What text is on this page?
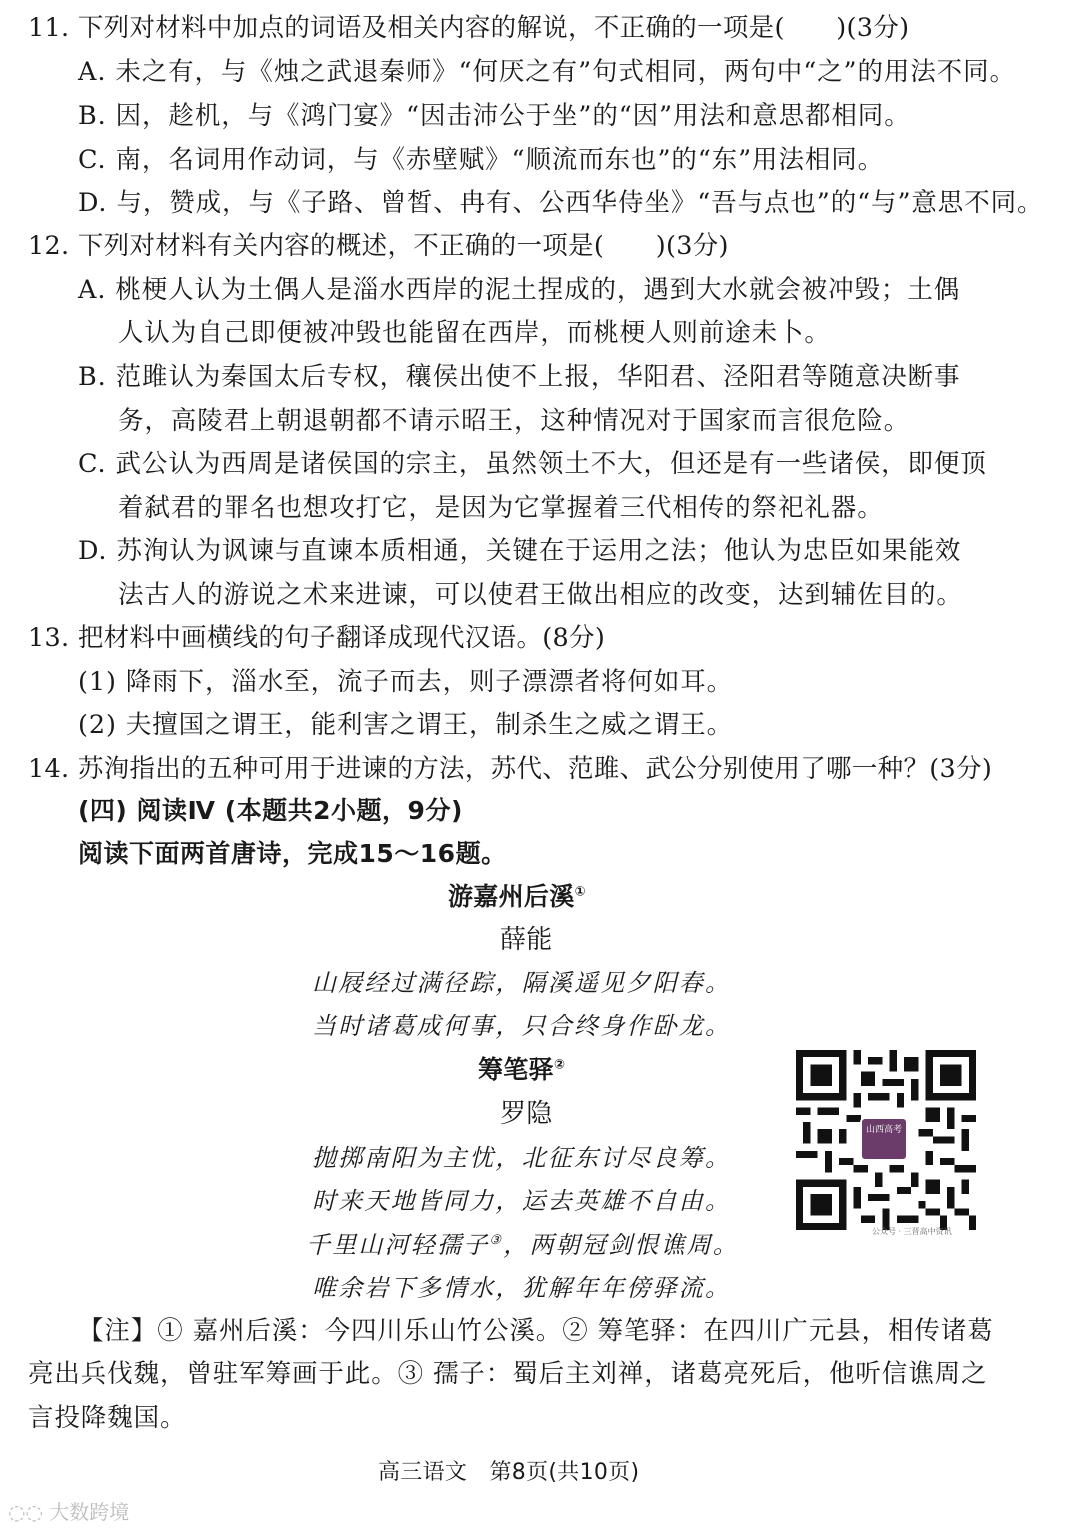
11. 下列对材料中加点的词语及相关内容的解说，不正确的一项是(　　)(3分)
A. 未之有，与《烛之武退秦师》“何厌之有”句式相同，两句中“之”的用法不同。
B. 因，趁机，与《鸿门宴》“因击沛公于坐”的“因”用法和意思都相同。
C. 南，名词用作动词，与《赤壁赋》“顺流而东也”的“东”用法相同。
D. 与，赞成，与《子路、曾皙、冉有、公西华侍坐》“吾与点也”的“与”意思不同。
12. 下列对材料有关内容的概述，不正确的一项是(　　)(3分)
A. 桃梗人认为土偶人是淄水西岸的泥土捏成的，遇到大水就会被冲毁；土偶
人认为自己即便被冲毁也能留在西岸，而桃梗人则前途未卜。
B. 范雎认为秦国太后专权，穰侯出使不上报，华阳君、泾阳君等随意决断事
务，高陵君上朝退朝都不请示昭王，这种情况对于国家而言很危险。
C. 武公认为西周是诸侯国的宗主，虽然领土不大，但还是有一些诸侯，即便顶
着弑君的罪名也想攻打它，是因为它掌握着三代相传的祭祀礼器。
D. 苏洵认为讽谏与直谏本质相通，关键在于运用之法；他认为忠臣如果能效
法古人的游说之术来进谏，可以使君王做出相应的改变，达到辅佐目的。
13. 把材料中画横线的句子翻译成现代汉语。(8分)
(1) 降雨下，淄水至，流子而去，则子漂漂者将何如耳。
(2) 夫擅国之谓王，能利害之谓王，制杀生之威之谓王。
14. 苏洵指出的五种可用于进谏的方法，苏代、范雎、武公分别使用了哪一种？(3分)
(四) 阅读Ⅳ (本题共2小题，9分)
阅读下面两首唐诗，完成15～16题。
游嘉州后溪①
薛能
山屐经过满径踪，隔溪遥见夕阳春。
当时诸葛成何事，只合终身作卧龙。
筹笔驿②
罗隐
抛掷南阳为主忧，北征东讨尽良筹。
时来天地皆同力，运去英雄不自由。
千里山河轻孺子③，两朝冠剑恨谯周。
唯余岩下多情水，犹解年年傍驿流。
山西高考
公众号 · 三晋高中资讯
【注】① 嘉州后溪：今四川乐山竹公溪。② 筹笔驿：在四川广元县，相传诸葛
亮出兵伐魏，曾驻军筹画于此。③ 孺子：蜀后主刘禅，诸葛亮死后，他听信谯周之
言投降魏国。
高三语文　第8页(共10页)
◌◌ 大数跨境
